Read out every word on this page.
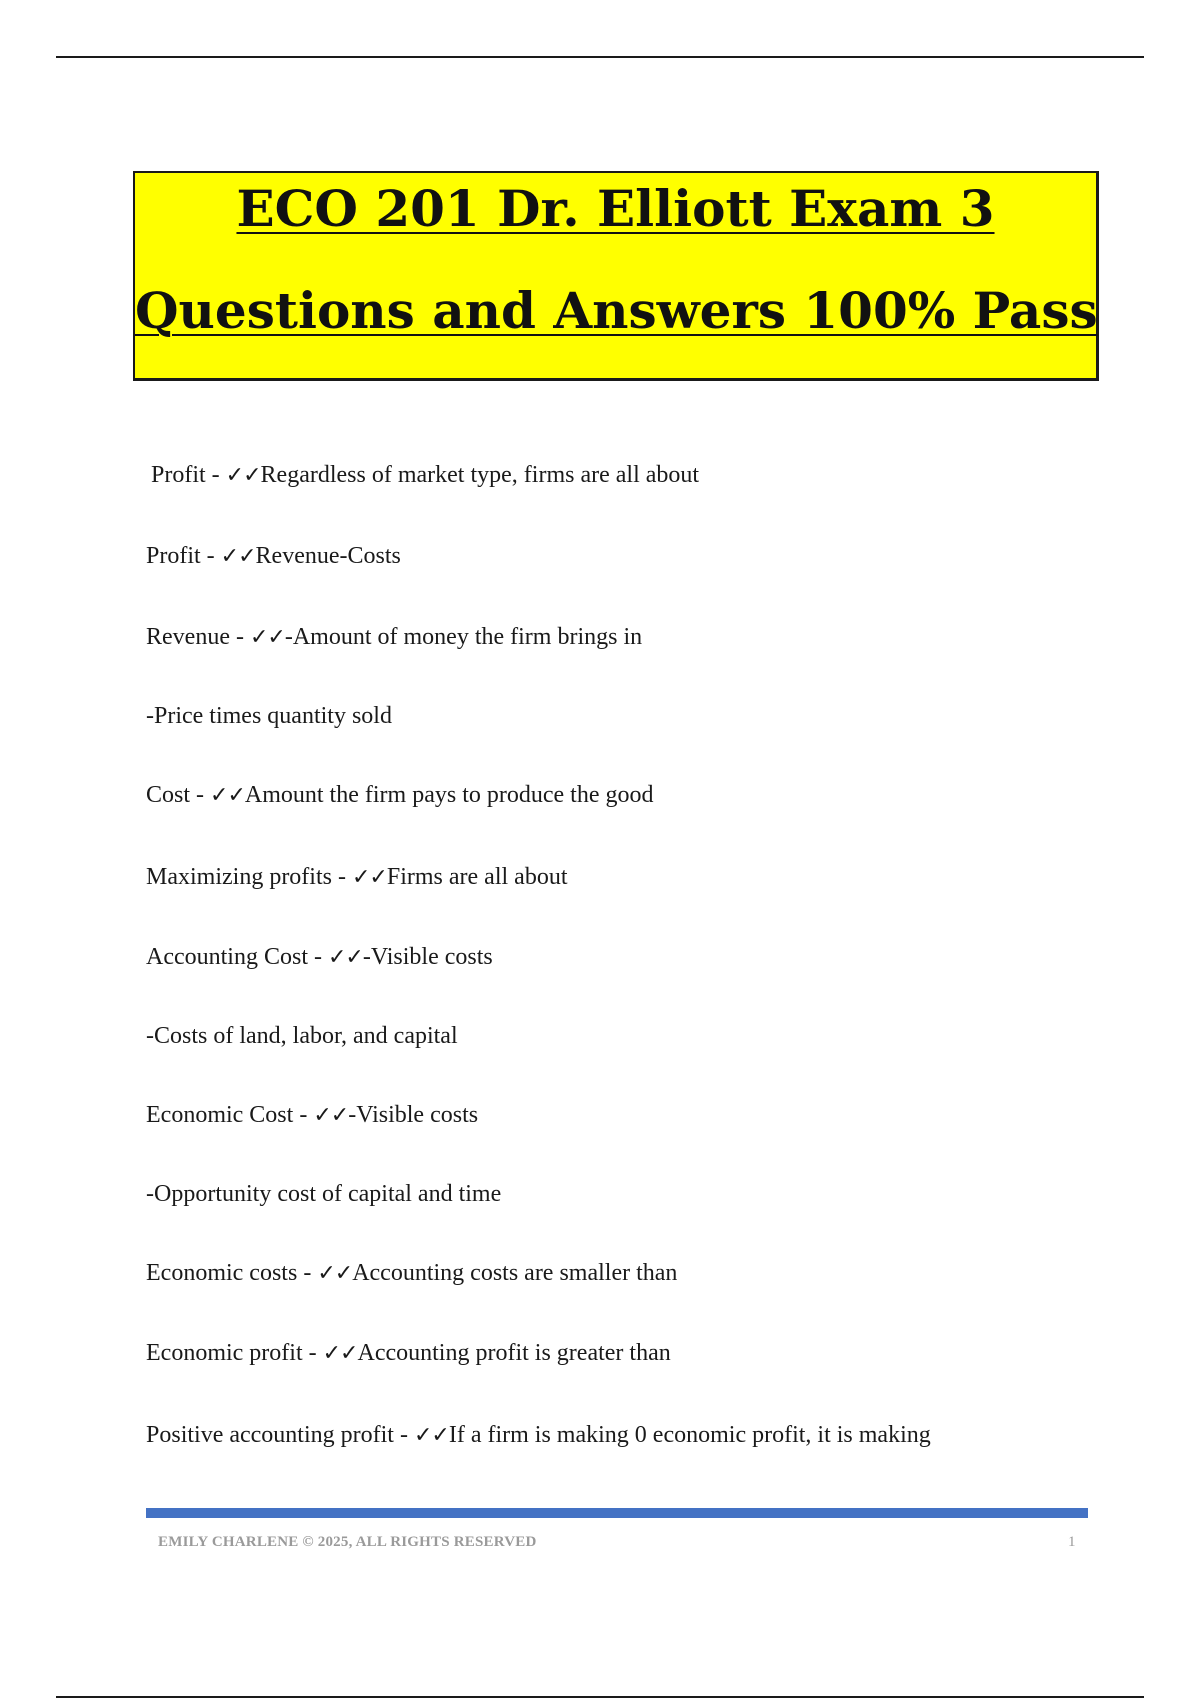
ECO 201 Dr. Elliott Exam 3
Questions and Answers 100% Pass
Profit - ✓✓Regardless of market type, firms are all about
Profit - ✓✓Revenue-Costs
Revenue - ✓✓-Amount of money the firm brings in
-Price times quantity sold
Cost - ✓✓Amount the firm pays to produce the good
Maximizing profits - ✓✓Firms are all about
Accounting Cost - ✓✓-Visible costs
-Costs of land, labor, and capital
Economic Cost - ✓✓-Visible costs
-Opportunity cost of capital and time
Economic costs - ✓✓Accounting costs are smaller than
Economic profit - ✓✓Accounting profit is greater than
Positive accounting profit - ✓✓If a firm is making 0 economic profit, it is making
EMILY CHARLENE © 2025, ALL RIGHTS RESERVED	1
